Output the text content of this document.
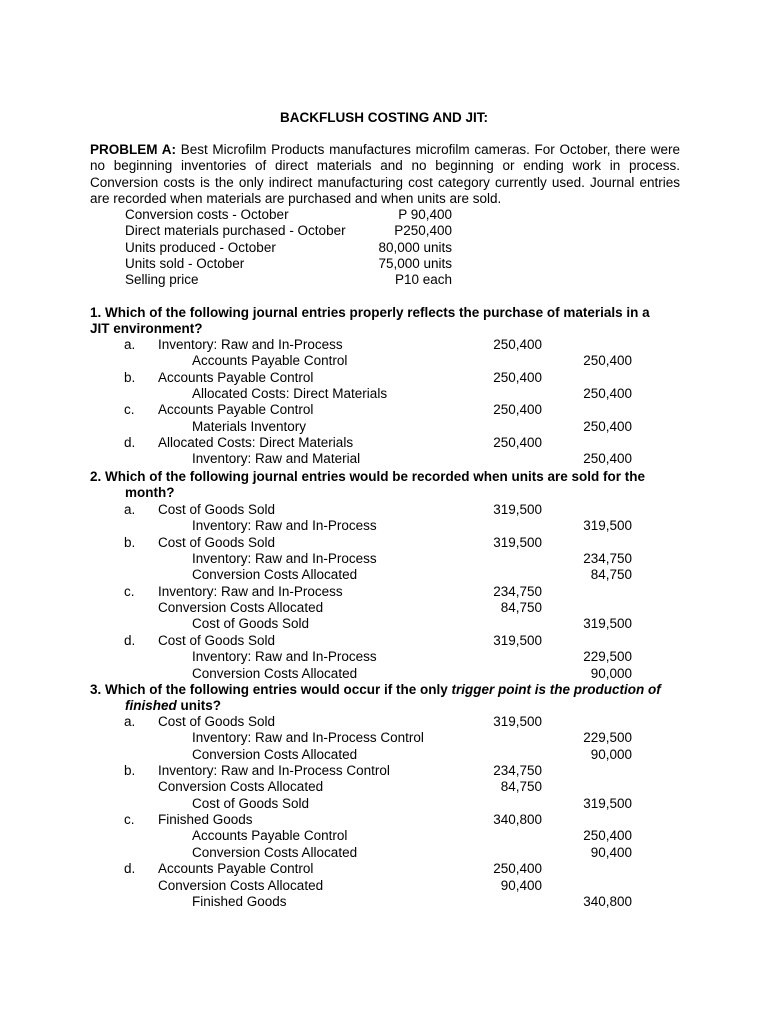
BACKFLUSH COSTING AND JIT:
PROBLEM A: Best Microfilm Products manufactures microfilm cameras. For October, there were no beginning inventories of direct materials and no beginning or ending work in process. Conversion costs is the only indirect manufacturing cost category currently used. Journal entries are recorded when materials are purchased and when units are sold.
Conversion costs - October	P 90,400
Direct materials purchased - October	P250,400
Units produced - October	80,000 units
Units sold - October	75,000 units
Selling price	P10 each
1. Which of the following journal entries properly reflects the purchase of materials in a
JIT environment?
a. Inventory: Raw and In-Process	250,400
Accounts Payable Control	250,400
b. Accounts Payable Control	250,400
Allocated Costs: Direct Materials	250,400
c. Accounts Payable Control	250,400
Materials Inventory	250,400
d. Allocated Costs: Direct Materials	250,400
Inventory: Raw and Material	250,400
2. Which of the following journal entries would be recorded when units are sold for the

month?
a. Cost of Goods Sold	319,500
Inventory: Raw and In-Process	319,500
b. Cost of Goods Sold	319,500
Inventory: Raw and In-Process	234,750
Conversion Costs Allocated	84,750
c. Inventory: Raw and In-Process	234,750
Conversion Costs Allocated	84,750
Cost of Goods Sold	319,500
d. Cost of Goods Sold	319,500
Inventory: Raw and In-Process	229,500
Conversion Costs Allocated	90,000
3. Which of the following entries would occur if the only trigger point is the production of

finished units?
a. Cost of Goods Sold	319,500
Inventory: Raw and In-Process Control	229,500
Conversion Costs Allocated	90,000
b. Inventory: Raw and In-Process Control	234,750
Conversion Costs Allocated	84,750
Cost of Goods Sold	319,500
c. Finished Goods	340,800
Accounts Payable Control	250,400
Conversion Costs Allocated	90,400
d. Accounts Payable Control	250,400
Conversion Costs Allocated	90,400
Finished Goods	340,800
